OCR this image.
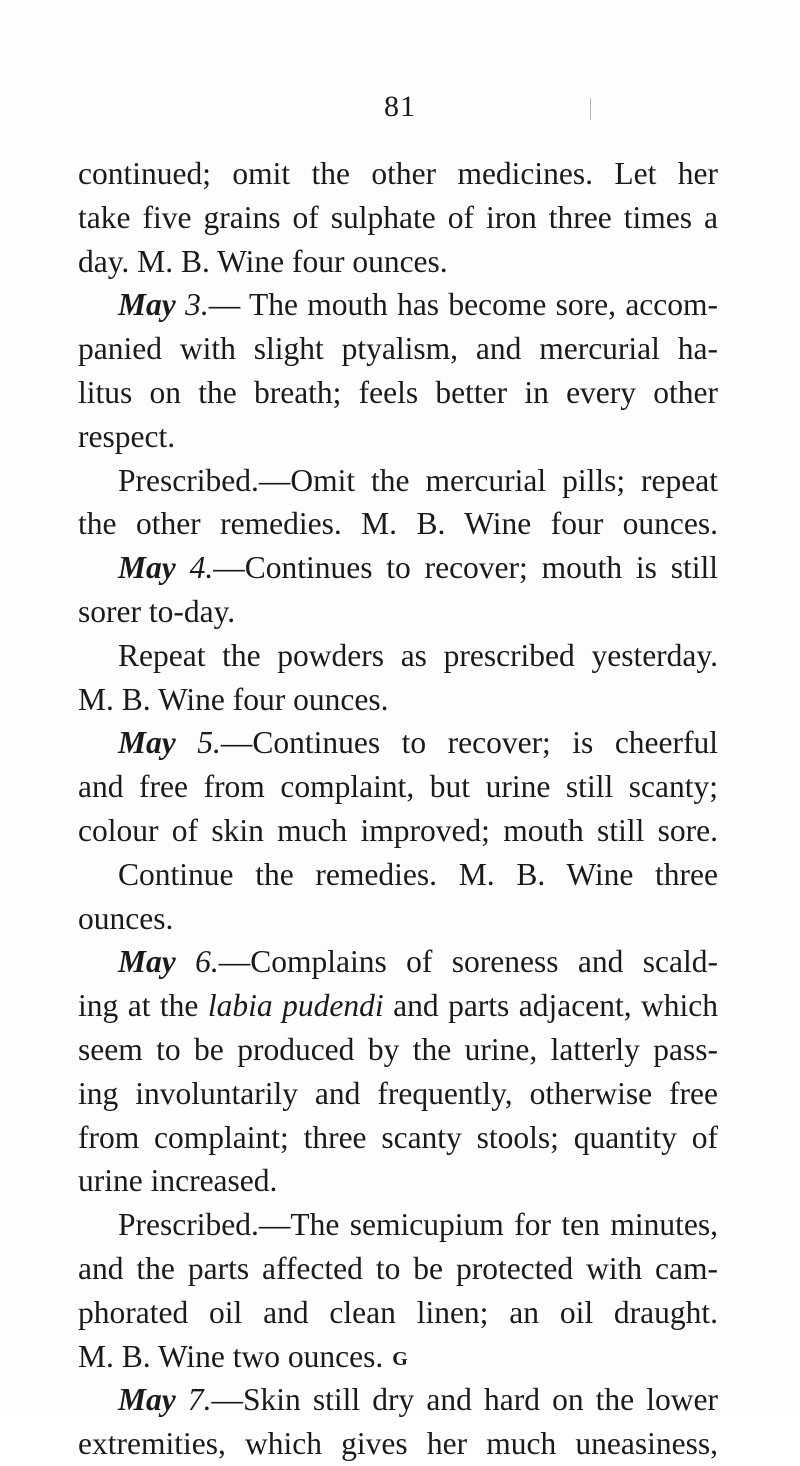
81
continued; omit the other medicines. Let her
take five grains of sulphate of iron three times a
day. M. B. Wine four ounces.
May 3.— The mouth has become sore, accom-
panied with slight ptyalism, and mercurial ha-
litus on the breath; feels better in every other
respect.
Prescribed.—Omit the mercurial pills; repeat
the other remedies. M. B. Wine four ounces.
May 4.—Continues to recover; mouth is still
sorer to-day.
Repeat the powders as prescribed yesterday.
M. B. Wine four ounces.
May 5.—Continues to recover; is cheerful
and free from complaint, but urine still scanty;
colour of skin much improved; mouth still sore.
Continue the remedies. M. B. Wine three
ounces.
May 6.—Complains of soreness and scald-
ing at the labia pudendi and parts adjacent, which
seem to be produced by the urine, latterly pass-
ing involuntarily and frequently, otherwise free
from complaint; three scanty stools; quantity of
urine increased.
Prescribed.—The semicupium for ten minutes,
and the parts affected to be protected with cam-
phorated oil and clean linen; an oil draught.
M. B. Wine two ounces.
May 7.—Skin still dry and hard on the lower
extremities, which gives her much uneasiness,
G
